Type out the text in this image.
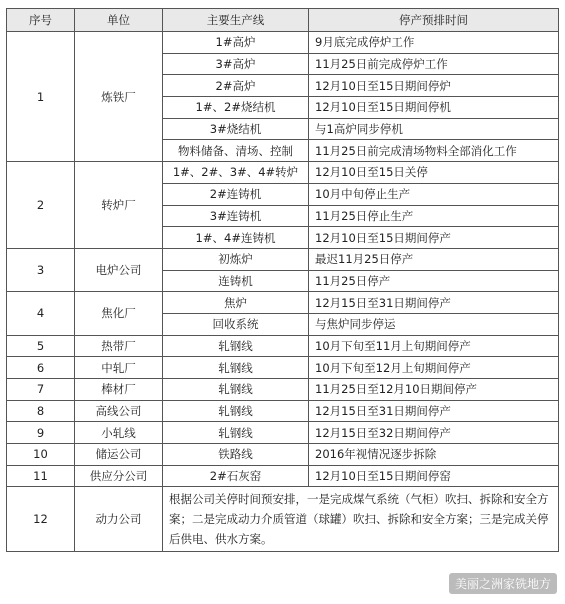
序号	单位	主要生产线	停产预排时间
1	炼铁厂	1#高炉	9月底完成停炉工作
		3#高炉	11月25日前完成停炉工作
		2#高炉	12月10日至15日期间停炉
		1#、2#烧结机	12月10日至15日期间停机
		3#烧结机	与1高炉同步停机
		物料储备、清场、控制	11月25日前完成清场物料全部消化工作
2	转炉厂	1#、2#、3#、4#转炉	12月10日至15日关停
		2#连铸机	10月中旬停止生产
		3#连铸机	11月25日停止生产
		1#、4#连铸机	12月10日至15日期间停产
3	电炉公司	初炼炉	最迟11月25日停产
		连铸机	11月25日停产
4	焦化厂	焦炉	12月15日至31日期间停产
		回收系统	与焦炉同步停运
5	热带厂	轧钢线	10月下旬至11月上旬期间停产
6	中轧厂	轧钢线	10月下旬至12月上旬期间停产
7	棒材厂	轧钢线	11月25日至12月10日期间停产
8	高线公司	轧钢线	12月15日至31日期间停产
9	小轧线	轧钢线	12月15日至32日期间停产
10	储运公司	铁路线	2016年视情况逐步拆除
11	供应分公司	2#石灰窑	12月10日至15日期间停窑
12	动力公司	根据公司关停时间预安排，一是完成煤气系统（气柜）吹扫、拆除和安全方案；二是完成动力介质管道（球罐）吹扫、拆除和安全方案；三是完成关停后供电、供水方案。	
美丽之洲家铣地方
